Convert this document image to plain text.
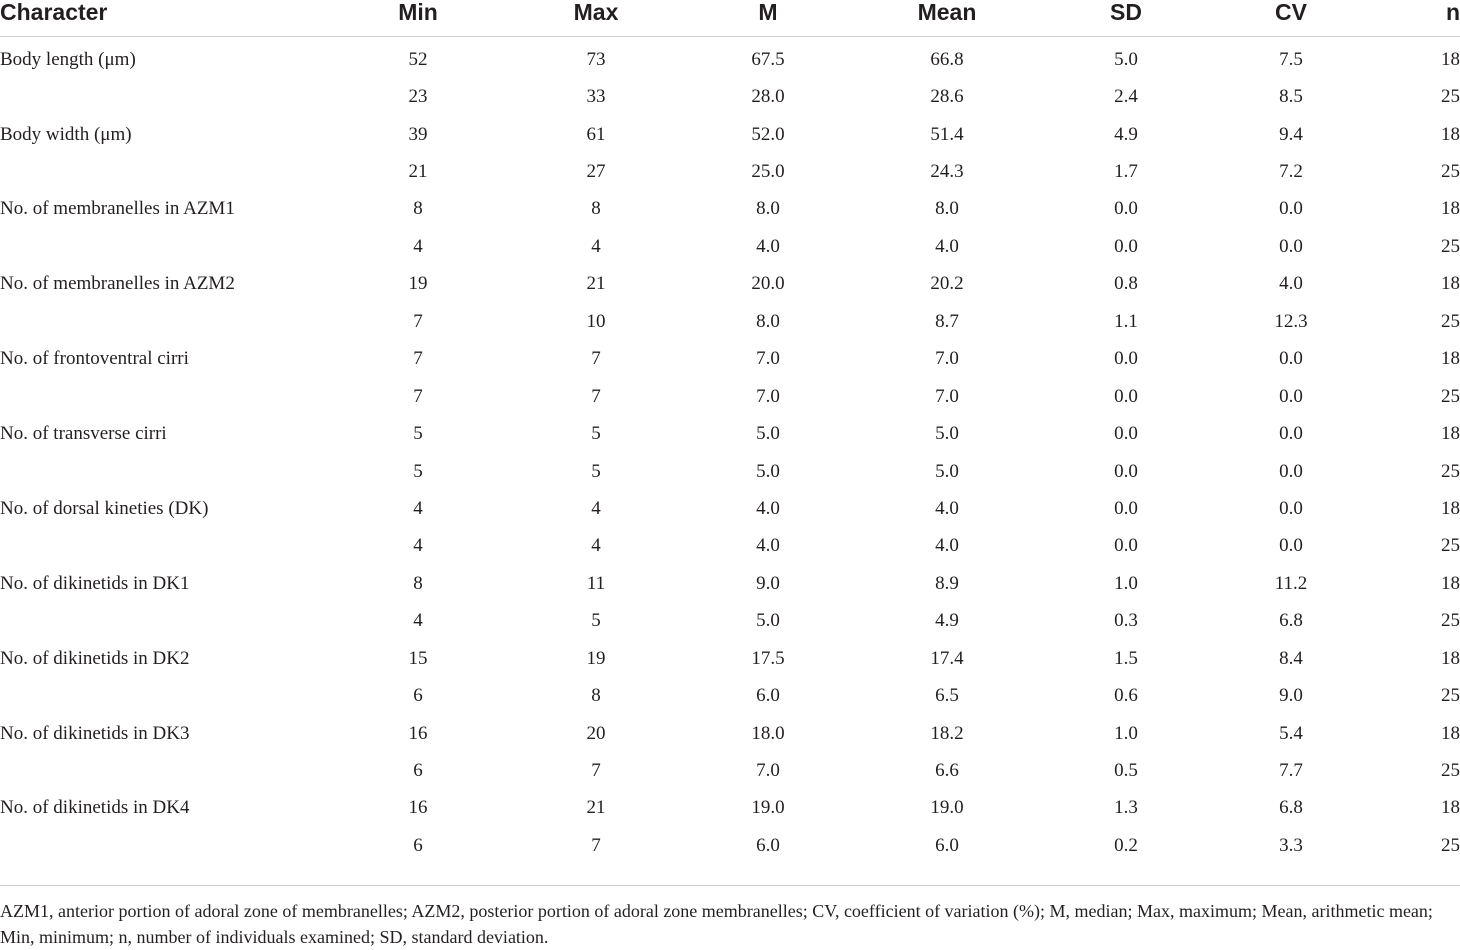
Character	Min	Max	M	Mean	SD	CV	n
Body length (μm)	52	73	67.5	66.8	5.0	7.5	18
	23	33	28.0	28.6	2.4	8.5	25
Body width (μm)	39	61	52.0	51.4	4.9	9.4	18
	21	27	25.0	24.3	1.7	7.2	25
No. of membranelles in AZM1	8	8	8.0	8.0	0.0	0.0	18
	4	4	4.0	4.0	0.0	0.0	25
No. of membranelles in AZM2	19	21	20.0	20.2	0.8	4.0	18
	7	10	8.0	8.7	1.1	12.3	25
No. of frontoventral cirri	7	7	7.0	7.0	0.0	0.0	18
	7	7	7.0	7.0	0.0	0.0	25
No. of transverse cirri	5	5	5.0	5.0	0.0	0.0	18
	5	5	5.0	5.0	0.0	0.0	25
No. of dorsal kineties (DK)	4	4	4.0	4.0	0.0	0.0	18
	4	4	4.0	4.0	0.0	0.0	25
No. of dikinetids in DK1	8	11	9.0	8.9	1.0	11.2	18
	4	5	5.0	4.9	0.3	6.8	25
No. of dikinetids in DK2	15	19	17.5	17.4	1.5	8.4	18
	6	8	6.0	6.5	0.6	9.0	25
No. of dikinetids in DK3	16	20	18.0	18.2	1.0	5.4	18
	6	7	7.0	6.6	0.5	7.7	25
No. of dikinetids in DK4	16	21	19.0	19.0	1.3	6.8	18
	6	7	6.0	6.0	0.2	3.3	25
AZM1, anterior portion of adoral zone of membranelles; AZM2, posterior portion of adoral zone membranelles; CV, coefficient of variation (%); M, median; Max, maximum; Mean, arithmetic mean; Min, minimum; n, number of individuals examined; SD, standard deviation.
